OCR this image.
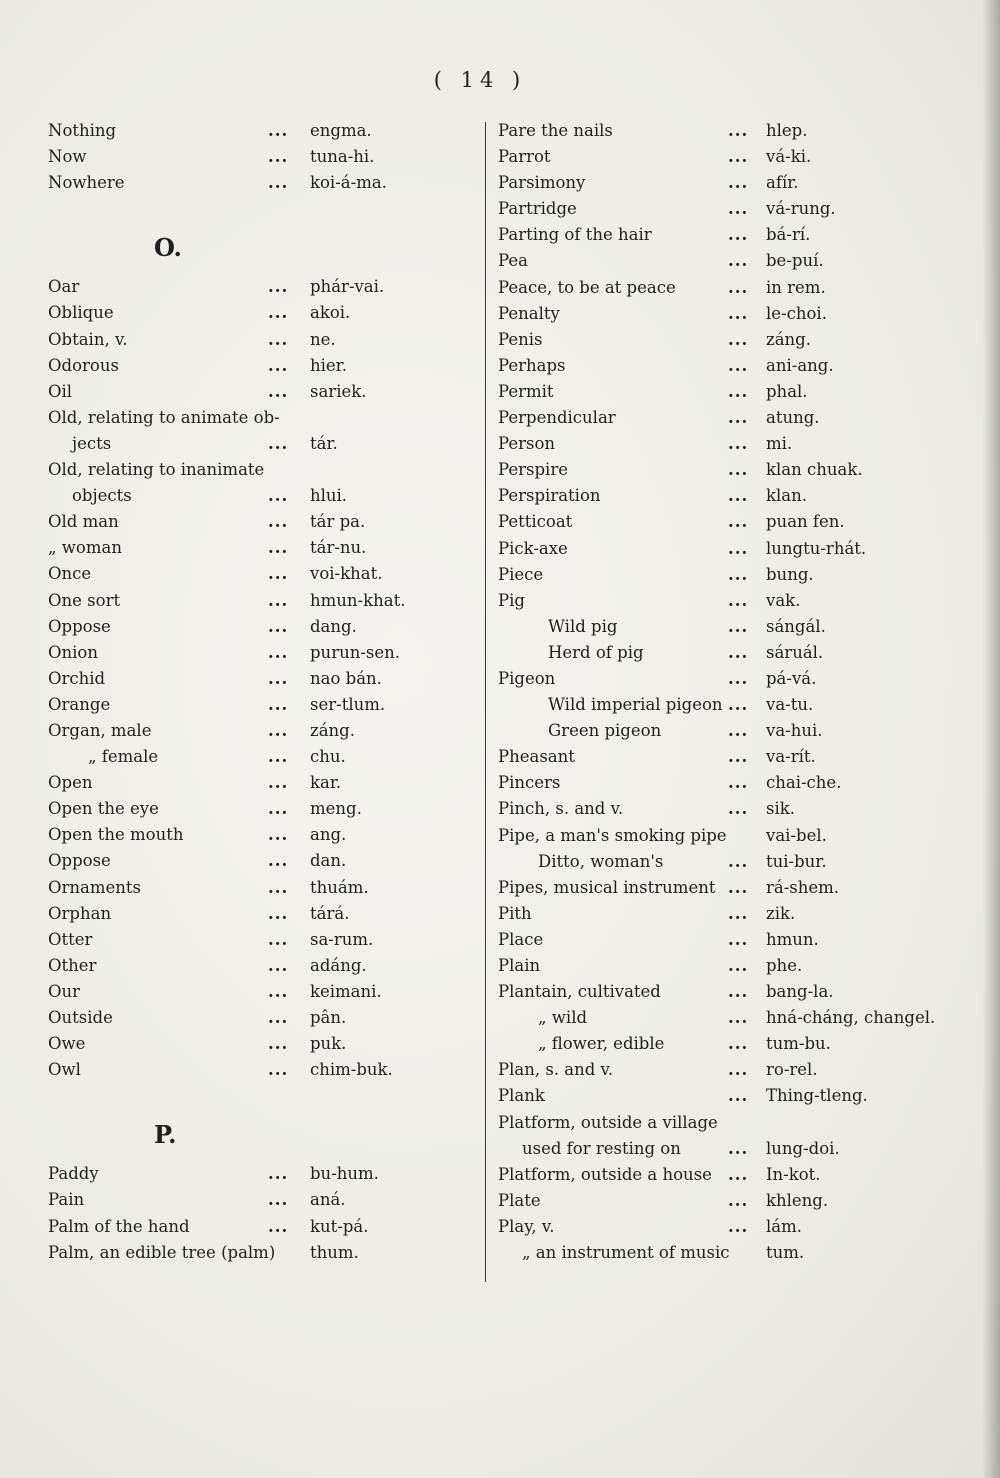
( 14 )
Nothing	... engma.
Now	... tuna-hi.
Nowhere	... koi-á-ma.
O.
Oar	... phár-vai.
Oblique	... akoi.
Obtain, v.	... ne.
Odorous	... hier.
Oil	... sariek.
Old, relating to animate ob-
jects	... tár.
Old, relating to inanimate
objects	... hlui.
Old man	... tár pa.
„ woman	... tár-nu.
Once	... voi-khat.
One sort	... hmun-khat.
Oppose	... dang.
Onion	... purun-sen.
Orchid	... nao bán.
Orange	... ser-tlum.
Organ, male	... záng.
„ female	... chu.
Open	... kar.
Open the eye	... meng.
Open the mouth	... ang.
Oppose	... dan.
Ornaments	... thuám.
Orphan	... tárá.
Otter	... sa-rum.
Other	... adáng.
Our	... keimani.
Outside	... pân.
Owe	... puk.
Owl	... chim-buk.
P.
Paddy	... bu-hum.
Pain	... aná.
Palm of the hand	... kut-pá.
Palm, an edible tree (palm) thum.
Pare the nails	... hlep.
Parrot	... vá-ki.
Parsimony	... afír.
Partridge	... vá-rung.
Parting of the hair	... bá-rí.
Pea	... be-puí.
Peace, to be at peace	... in rem.
Penalty	... le-choi.
Penis	... záng.
Perhaps	... ani-ang.
Permit	... phal.
Perpendicular	... atung.
Person	... mi.
Perspire	... klan chuak.
Perspiration	... klan.
Petticoat	... puan fen.
Pick-axe	... lungtu-rhát.
Piece	... bung.
Pig	... vak.
Wild pig	... sángál.
Herd of pig	... sáruál.
Pigeon	... pá-vá.
Wild imperial pigeon ... va-tu.
Green pigeon	... va-hui.
Pheasant	... va-rít.
Pincers	... chai-che.
Pinch, s. and v.	... sik.
Pipe, a man's smoking pipe vai-bel.
Ditto, woman's	... tui-bur.
Pipes, musical instrument ... rá-shem.
Pith	... zik.
Place	... hmun.
Plain	... phe.
Plantain, cultivated	... bang-la.
„ wild	... hná-cháng, changel.
„ flower, edible	... tum-bu.
Plan, s. and v.	... ro-rel.
Plank	... Thing-tleng.
Platform, outside a village
used for resting on	... lung-doi.
Platform, outside a house ... In-kot.
Plate	... khleng.
Play, v.	... lám.
„ an instrument of music tum.
